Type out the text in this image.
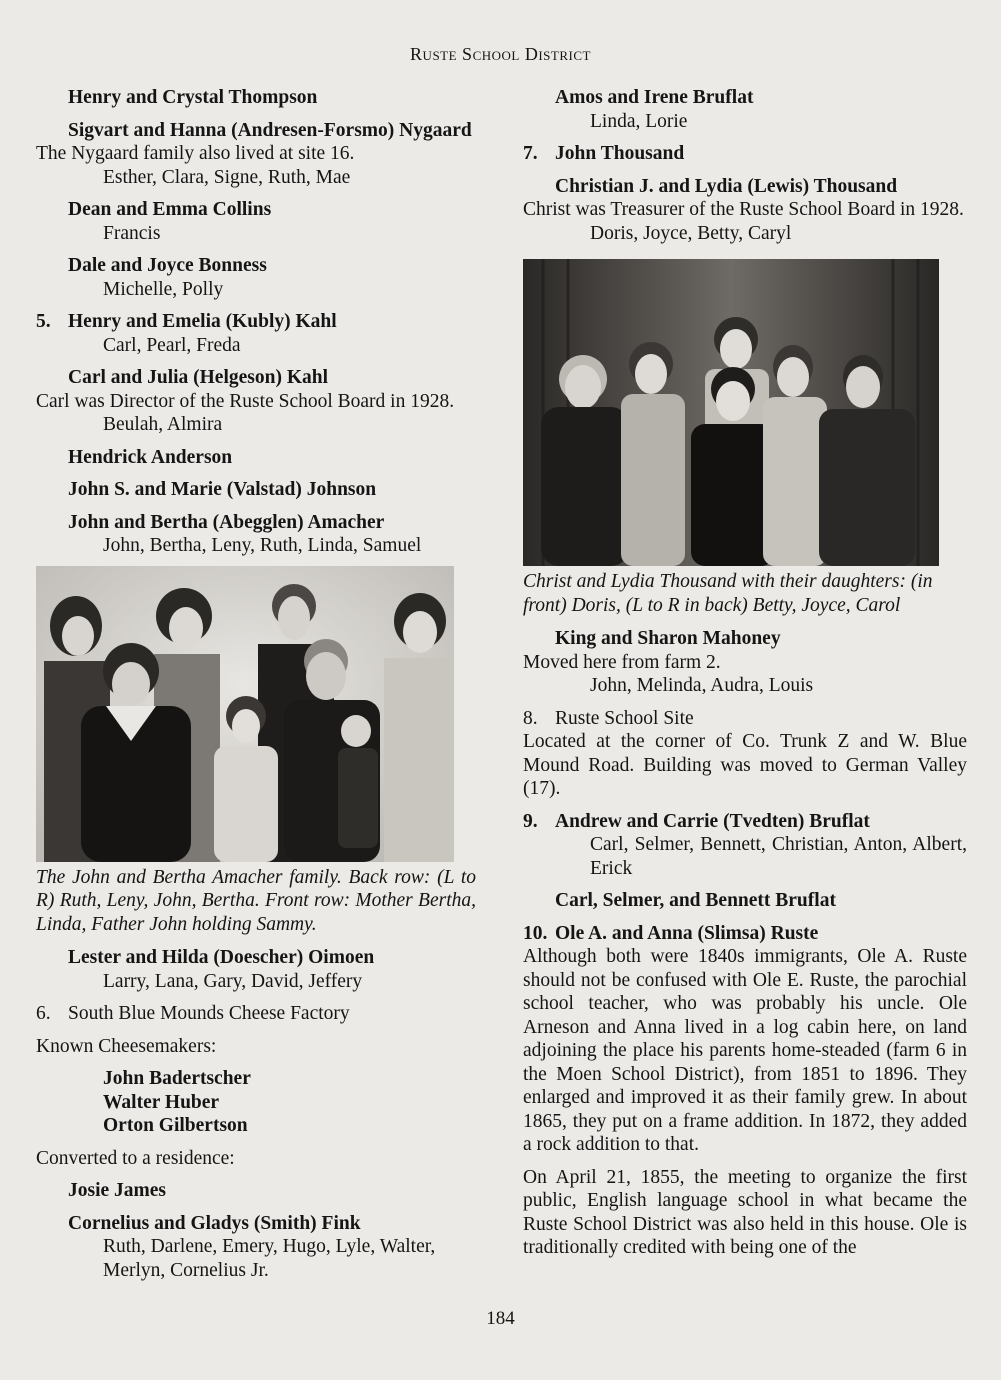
Ruste School District
Henry and Crystal Thompson
Sigvart and Hanna (Andresen-Forsmo) Nygaard
The Nygaard family also lived at site 16.
Esther, Clara, Signe, Ruth, Mae
Dean and Emma Collins
Francis
Dale and Joyce Bonness
Michelle, Polly
5. Henry and Emelia (Kubly) Kahl
Carl, Pearl, Freda
Carl and Julia (Helgeson) Kahl
Carl was Director of the Ruste School Board in 1928.
Beulah, Almira
Hendrick Anderson
John S. and Marie (Valstad) Johnson
John and Bertha (Abegglen) Amacher
John, Bertha, Leny, Ruth, Linda, Samuel
The John and Bertha Amacher family. Back row: (L to R) Ruth, Leny, John, Bertha. Front row: Mother Bertha, Linda, Father John holding Sammy.
Lester and Hilda (Doescher) Oimoen
Larry, Lana, Gary, David, Jeffery
6. South Blue Mounds Cheese Factory
Known Cheesemakers:
John Badertscher
Walter Huber
Orton Gilbertson
Converted to a residence:
Josie James
Cornelius and Gladys (Smith) Fink
Ruth, Darlene, Emery, Hugo, Lyle, Walter, Merlyn, Cornelius Jr.
Amos and Irene Bruflat
Linda, Lorie
7. John Thousand
Christian J. and Lydia (Lewis) Thousand
Christ was Treasurer of the Ruste School Board in 1928.
Doris, Joyce, Betty, Caryl
Christ and Lydia Thousand with their daughters: (in front) Doris, (L to R in back) Betty, Joyce, Carol
King and Sharon Mahoney
Moved here from farm 2.
John, Melinda, Audra, Louis
8. Ruste School Site
Located at the corner of Co. Trunk Z and W. Blue Mound Road. Building was moved to German Valley (17).
9. Andrew and Carrie (Tvedten) Bruflat
Carl, Selmer, Bennett, Christian, Anton, Albert, Erick
Carl, Selmer, and Bennett Bruflat
10. Ole A. and Anna (Slimsa) Ruste
Although both were 1840s immigrants, Ole A. Ruste should not be confused with Ole E. Ruste, the parochial school teacher, who was probably his uncle. Ole Arneson and Anna lived in a log cabin here, on land adjoining the place his parents home-steaded (farm 6 in the Moen School District), from 1851 to 1896. They enlarged and improved it as their family grew. In about 1865, they put on a frame addition. In 1872, they added a rock addition to that.
On April 21, 1855, the meeting to organize the first public, English language school in what became the Ruste School District was also held in this house. Ole is traditionally credited with being one of the
184
